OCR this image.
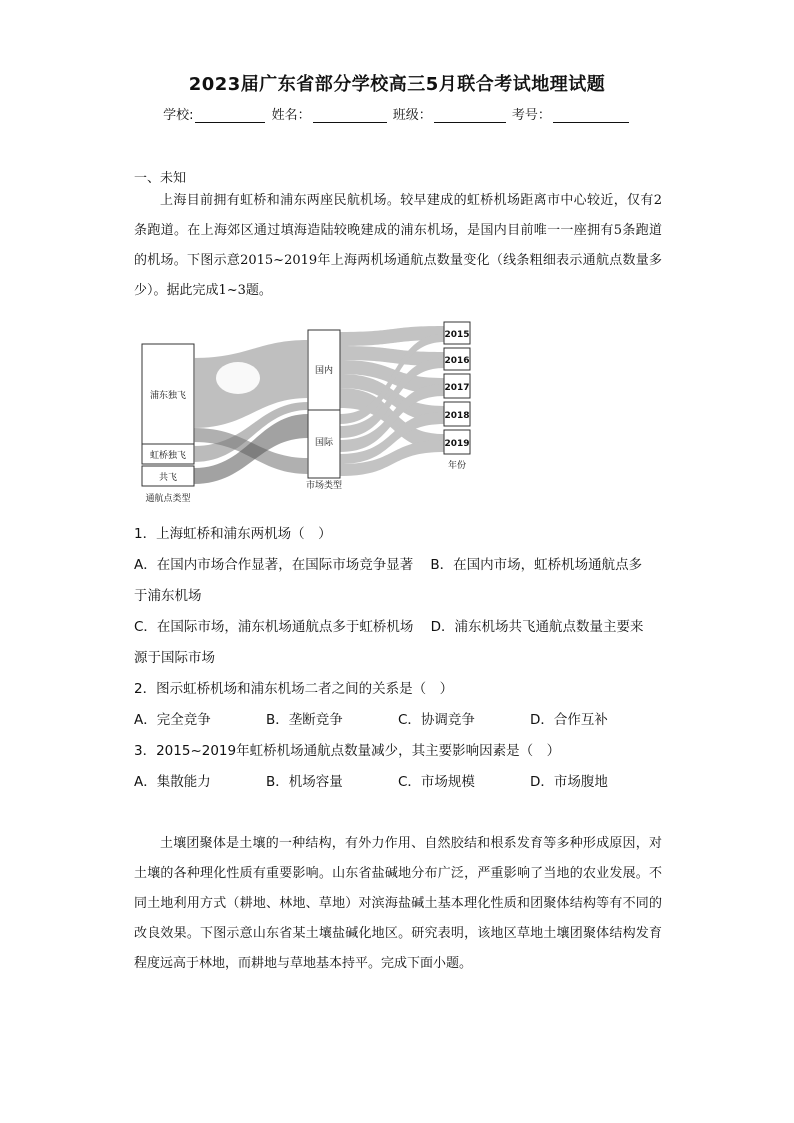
2023届广东省部分学校高三5月联合考试地理试题
学校:	姓名：	班级：	考号：
一、未知

上海目前拥有虹桥和浦东两座民航机场。较早建成的虹桥机场距离市中心较近，仅有2条跑道。在上海郊区通过填海造陆较晚建成的浦东机场，是国内目前唯一一座拥有5条跑道的机场。下图示意2015~2019年上海两机场通航点数量变化（线条粗细表示通航点数量多少）。据此完成1~3题。

浦东独飞
虹桥独飞
共飞
国内
国际
2015
2016
2017
2018
2019
通航点类型
市场类型
年份
1．上海虹桥和浦东两机场（　）
A．在国内市场合作显著，在国际市场竞争显著 B．在国内市场，虹桥机场通航点多
于浦东机场
C．在国际市场，浦东机场通航点多于虹桥机场 D．浦东机场共飞通航点数量主要来
源于国际市场
2．图示虹桥机场和浦东机场二者之间的关系是（　）
A．完全竞争	B．垄断竞争	C．协调竞争	D．合作互补
3．2015~2019年虹桥机场通航点数量减少，其主要影响因素是（　）
A．集散能力	B．机场容量	C．市场规模	D．市场腹地

土壤团聚体是土壤的一种结构，有外力作用、自然胶结和根系发育等多种形成原因，对土壤的各种理化性质有重要影响。山东省盐碱地分布广泛，严重影响了当地的农业发展。不同土地利用方式（耕地、林地、草地）对滨海盐碱土基本理化性质和团聚体结构等有不同的改良效果。下图示意山东省某土壤盐碱化地区。研究表明，该地区草地土壤团聚体结构发育程度远高于林地，而耕地与草地基本持平。完成下面小题。
